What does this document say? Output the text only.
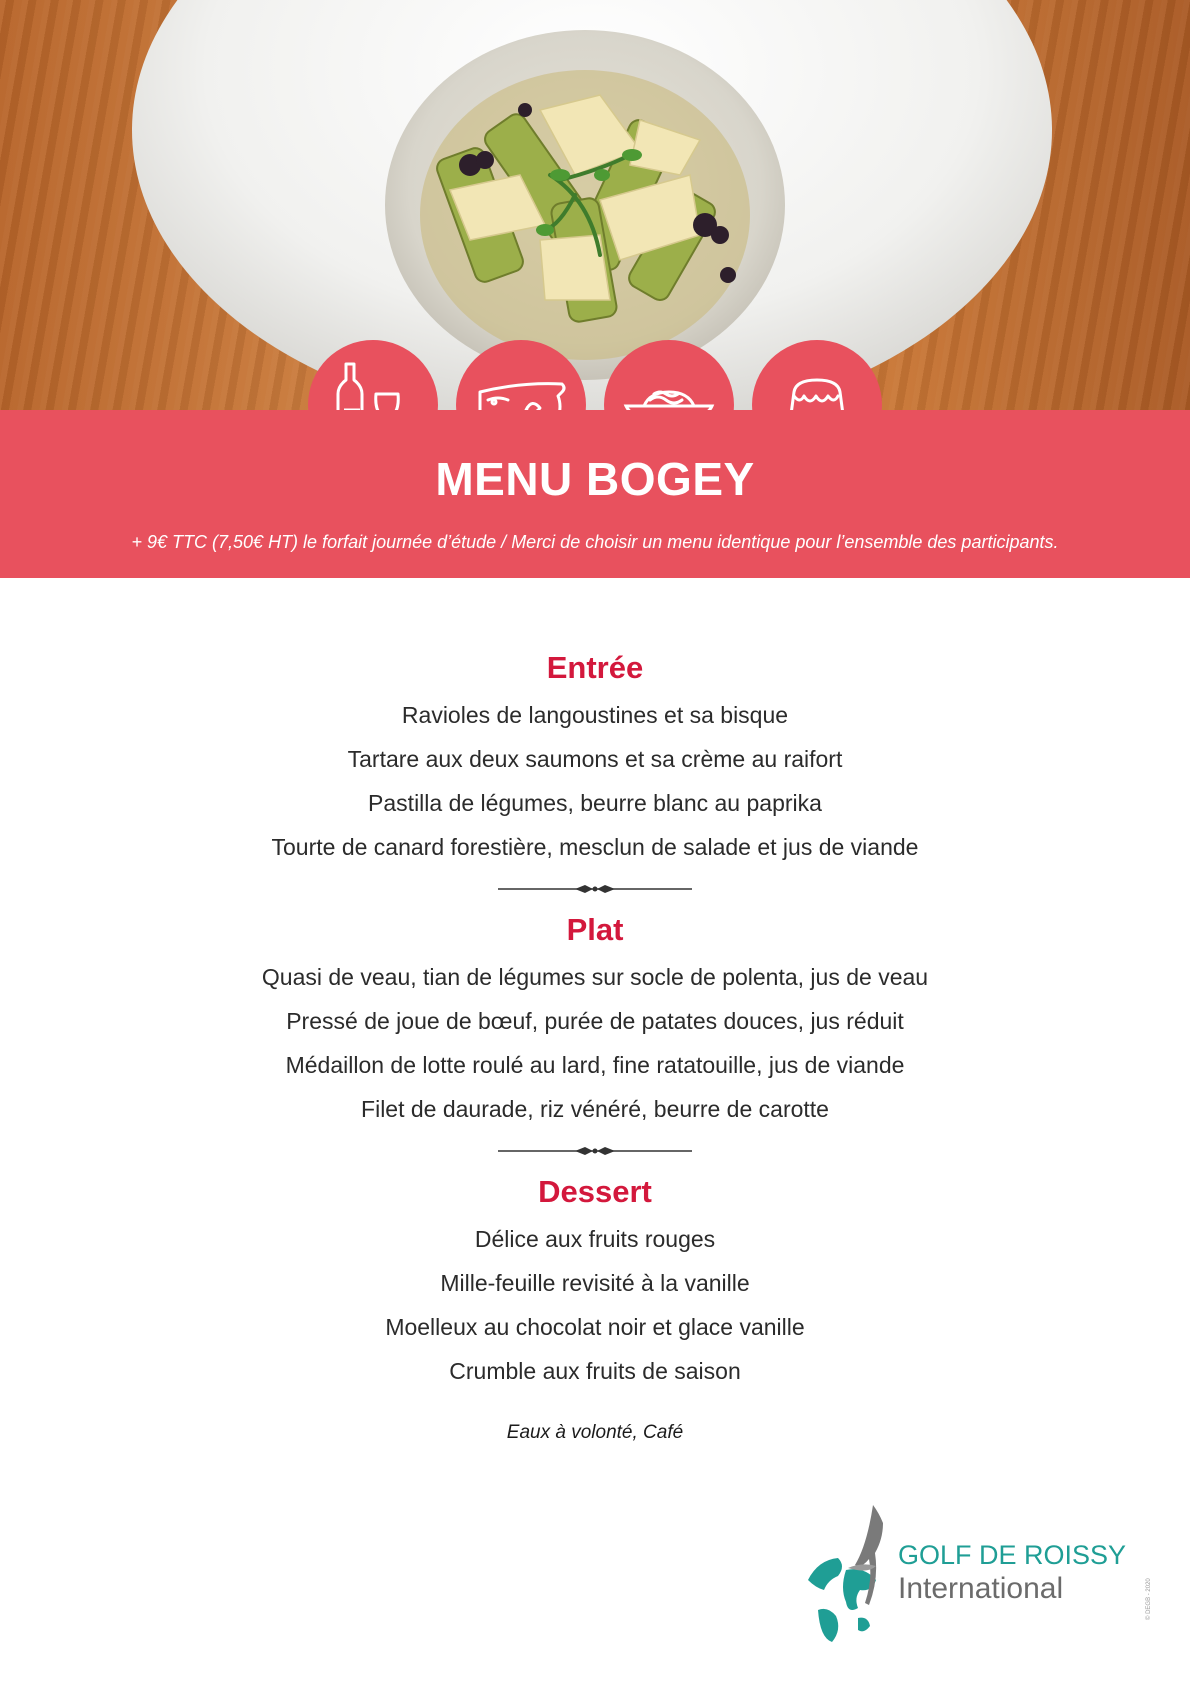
MENU BOGEY
+ 9€ TTC (7,50€ HT) le forfait journée d’étude / Merci de choisir un menu identique pour l’ensemble des participants.
Entrée
Ravioles de langoustines et sa bisque
Tartare aux deux saumons et sa crème au raifort
Pastilla de légumes, beurre blanc au paprika
Tourte de canard forestière, mesclun de salade et jus de viande
Plat
Quasi de veau, tian de légumes sur socle de polenta, jus de veau
Pressé de joue de bœuf, purée de patates douces, jus réduit
Médaillon de lotte roulé au lard, fine ratatouille, jus de viande
Filet de daurade, riz vénéré, beurre de carotte
Dessert
Délice aux fruits rouges
Mille-feuille revisité à la vanille
Moelleux au chocolat noir et glace vanille
Crumble aux fruits de saison
Eaux à volonté, Café
GOLF DE ROISSY
International	© DEGB - 2020
